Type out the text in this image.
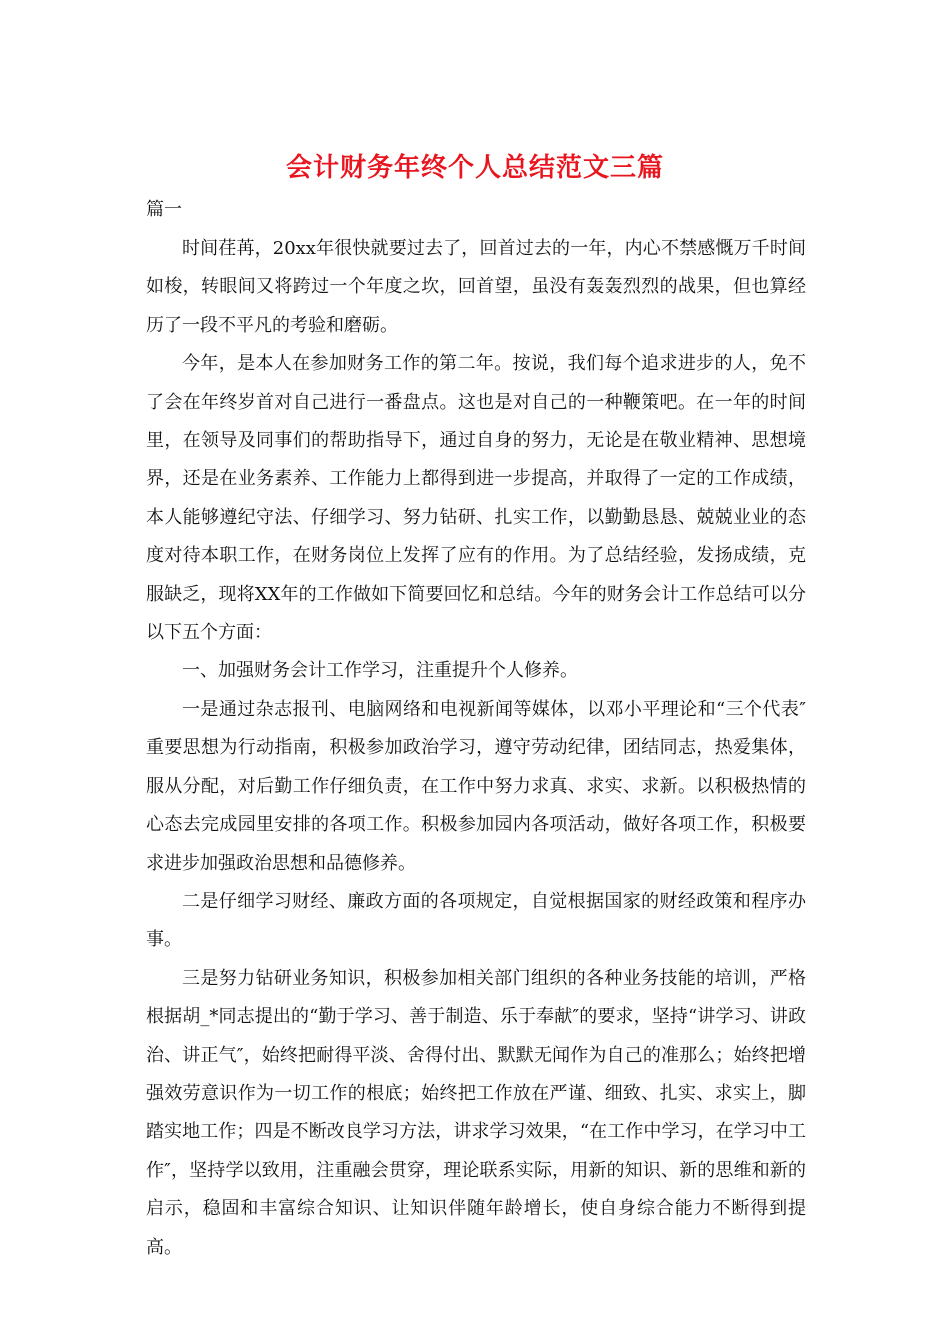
会计财务年终个人总结范文三篇
篇一

时间荏苒，20xx年很快就要过去了，回首过去的一年，内心不禁感慨万千时间如梭，转眼间又将跨过一个年度之坎，回首望，虽没有轰轰烈烈的战果，但也算经历了一段不平凡的考验和磨砺。

今年，是本人在参加财务工作的第二年。按说，我们每个追求进步的人，免不了会在年终岁首对自己进行一番盘点。这也是对自己的一种鞭策吧。在一年的时间里，在领导及同事们的帮助指导下，通过自身的努力，无论是在敬业精神、思想境界，还是在业务素养、工作能力上都得到进一步提高，并取得了一定的工作成绩，本人能够遵纪守法、仔细学习、努力钻研、扎实工作，以勤勤恳恳、兢兢业业的态度对待本职工作，在财务岗位上发挥了应有的作用。为了总结经验，发扬成绩，克服缺乏，现将XX年的工作做如下简要回忆和总结。今年的财务会计工作总结可以分以下五个方面：

一、加强财务会计工作学习，注重提升个人修养。

一是通过杂志报刊、电脑网络和电视新闻等媒体，以邓小平理论和“三个代表″重要思想为行动指南，积极参加政治学习，遵守劳动纪律，团结同志，热爱集体，服从分配，对后勤工作仔细负责，在工作中努力求真、求实、求新。以积极热情的心态去完成园里安排的各项工作。积极参加园内各项活动，做好各项工作，积极要求进步加强政治思想和品德修养。

二是仔细学习财经、廉政方面的各项规定，自觉根据国家的财经政策和程序办事。

三是努力钻研业务知识，积极参加相关部门组织的各种业务技能的培训，严格根据胡_*同志提出的“勤于学习、善于制造、乐于奉献″的要求，坚持“讲学习、讲政治、讲正气″，始终把耐得平淡、舍得付出、默默无闻作为自己的准那么；始终把增强效劳意识作为一切工作的根底；始终把工作放在严谨、细致、扎实、求实上，脚踏实地工作；四是不断改良学习方法，讲求学习效果，“在工作中学习，在学习中工作″，坚持学以致用，注重融会贯穿，理论联系实际，用新的知识、新的思维和新的启示，稳固和丰富综合知识、让知识伴随年龄增长，使自身综合能力不断得到提高。
